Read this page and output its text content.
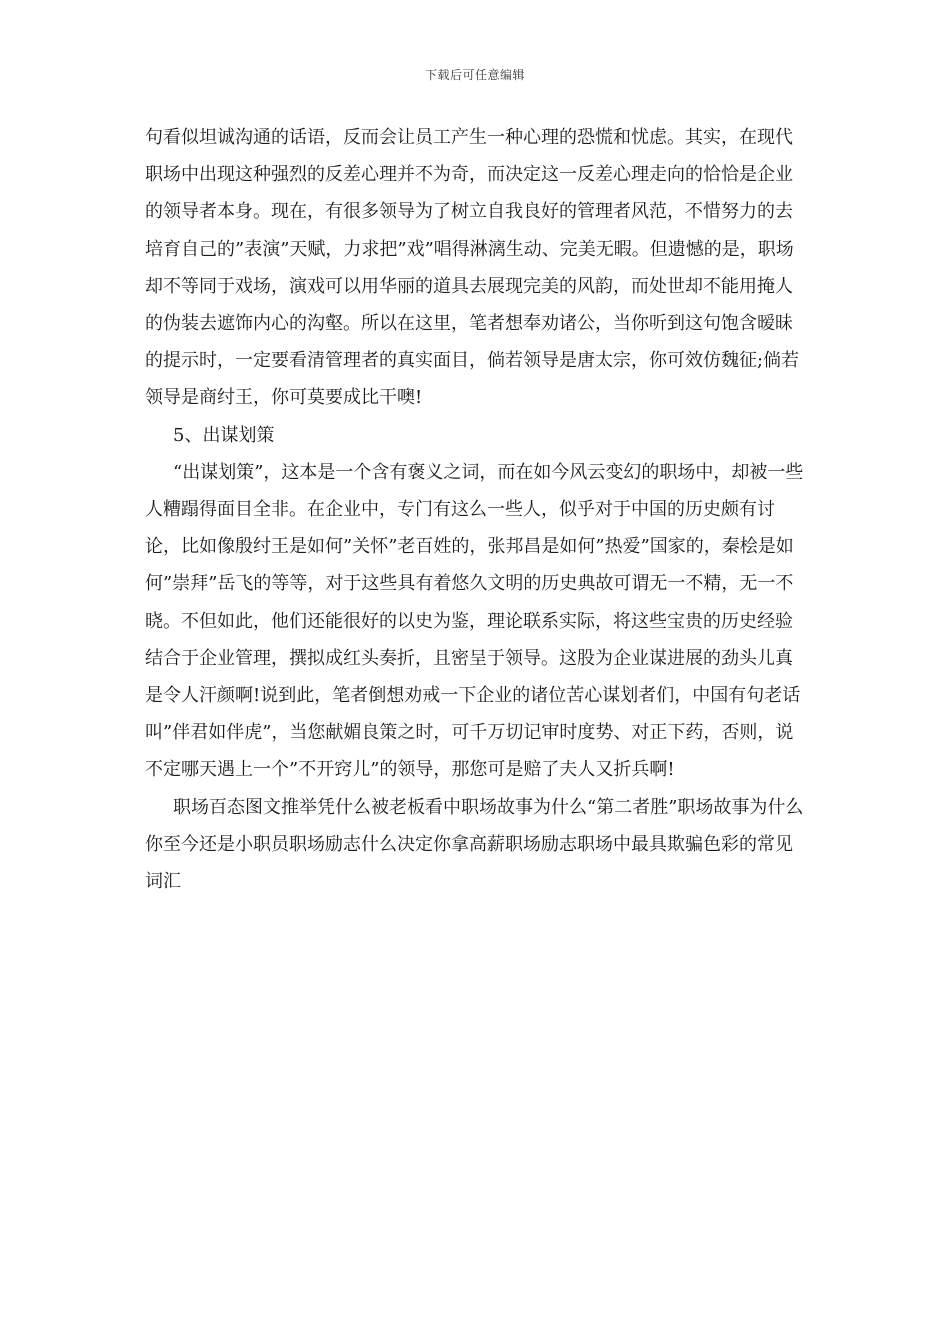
下载后可任意编辑

句看似坦诚沟通的话语，反而会让员工产生一种心理的恐慌和忧虑。其实，在现代职场中出现这种强烈的反差心理并不为奇，而决定这一反差心理走向的恰恰是企业的领导者本身。现在，有很多领导为了树立自我良好的管理者风范，不惜努力的去培育自己的”表演”天赋，力求把”戏”唱得淋漓生动、完美无暇。但遗憾的是，职场却不等同于戏场，演戏可以用华丽的道具去展现完美的风韵，而处世却不能用掩人的伪装去遮饰内心的沟壑。所以在这里，笔者想奉劝诸公，当你听到这句饱含暧昧的提示时，一定要看清管理者的真实面目，倘若领导是唐太宗，你可效仿魏征;倘若领导是商纣王，你可莫要成比干噢!

5、出谋划策

“出谋划策”，这本是一个含有褒义之词，而在如今风云变幻的职场中，却被一些人糟蹋得面目全非。在企业中，专门有这么一些人，似乎对于中国的历史颇有讨论，比如像殷纣王是如何”关怀”老百姓的，张邦昌是如何”热爱”国家的，秦桧是如何”崇拜”岳飞的等等，对于这些具有着悠久文明的历史典故可谓无一不精，无一不晓。不但如此，他们还能很好的以史为鉴，理论联系实际，将这些宝贵的历史经验结合于企业管理，撰拟成红头奏折，且密呈于领导。这股为企业谋进展的劲头儿真是令人汗颜啊!说到此，笔者倒想劝戒一下企业的诸位苦心谋划者们，中国有句老话叫”伴君如伴虎”，当您献媚良策之时，可千万切记审时度势、对正下药，否则，说不定哪天遇上一个”不开窍儿”的领导，那您可是赔了夫人又折兵啊!

职场百态图文推举凭什么被老板看中职场故事为什么“第二者胜”职场故事为什么你至今还是小职员职场励志什么决定你拿高薪职场励志职场中最具欺骗色彩的常见词汇
